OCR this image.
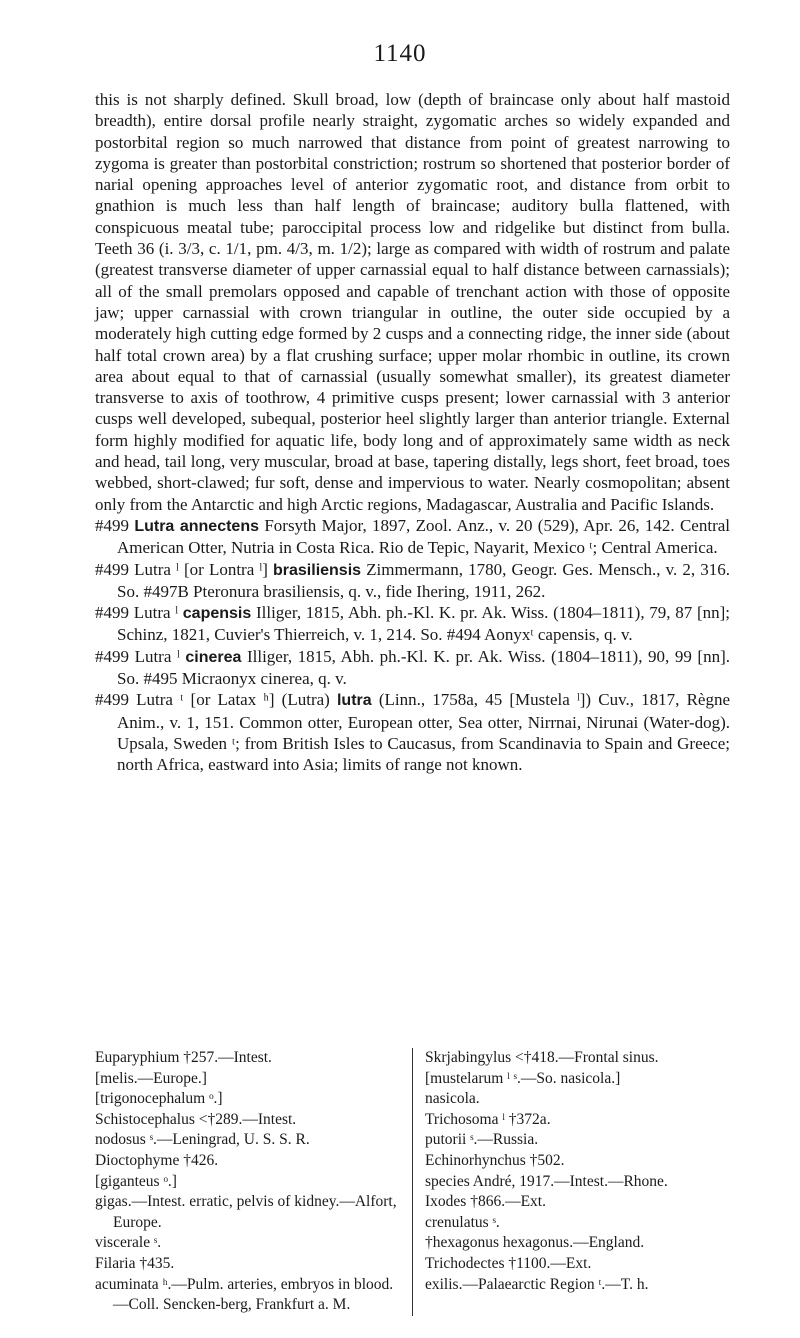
1140

this is not sharply defined. Skull broad, low (depth of braincase only about half mastoid breadth), entire dorsal profile nearly straight, zygomatic arches so widely expanded and postorbital region so much narrowed that distance from point of greatest narrowing to zygoma is greater than postorbital constriction; rostrum so shortened that posterior border of narial opening approaches level of anterior zygomatic root, and distance from orbit to gnathion is much less than half length of braincase; auditory bulla flattened, with conspicuous meatal tube; paroccipital process low and ridgelike but distinct from bulla. Teeth 36 (i. 3/3, c. 1/1, pm. 4/3, m. 1/2); large as compared with width of rostrum and palate (greatest transverse diameter of upper carnassial equal to half distance between carnassials); all of the small premolars opposed and capable of trenchant action with those of opposite jaw; upper carnassial with crown triangular in outline, the outer side occupied by a moderately high cutting edge formed by 2 cusps and a connecting ridge, the inner side (about half total crown area) by a flat crushing surface; upper molar rhombic in outline, its crown area about equal to that of carnassial (usually somewhat smaller), its greatest diameter transverse to axis of toothrow, 4 primitive cusps present; lower carnassial with 3 anterior cusps well developed, subequal, posterior heel slightly larger than anterior triangle. External form highly modified for aquatic life, body long and of approximately same width as neck and head, tail long, very muscular, broad at base, tapering distally, legs short, feet broad, toes webbed, short-clawed; fur soft, dense and impervious to water. Nearly cosmopolitan; absent only from the Antarctic and high Arctic regions, Madagascar, Australia and Pacific Islands.

#499 Lutra annectens Forsyth Major, 1897, Zool. Anz., v. 20 (529), Apr. 26, 142. Central American Otter, Nutria in Costa Rica. Rio de Tepic, Nayarit, Mexico ᵗ; Central America.

#499 Lutra ˡ [or Lontra ˡ] brasiliensis Zimmermann, 1780, Geogr. Ges. Mensch., v. 2, 316. So. #497B Pteronura brasiliensis, q. v., fide Ihering, 1911, 262.

#499 Lutra ˡ capensis Illiger, 1815, Abh. ph.-Kl. K. pr. Ak. Wiss. (1804–1811), 79, 87 [nn]; Schinz, 1821, Cuvier's Thierreich, v. 1, 214. So. #494 Aonyxᵗ capensis, q. v.

#499 Lutra ˡ cinerea Illiger, 1815, Abh. ph.-Kl. K. pr. Ak. Wiss. (1804–1811), 90, 99 [nn]. So. #495 Micraonyx cinerea, q. v.

#499 Lutra ᵗ [or Latax ʰ] (Lutra) lutra (Linn., 1758a, 45 [Mustela ˡ]) Cuv., 1817, Règne Anim., v. 1, 151. Common otter, European otter, Sea otter, Nirrnai, Nirunai (Water-dog). Upsala, Sweden ᵗ; from British Isles to Caucasus, from Scandinavia to Spain and Greece; north Africa, eastward into Asia; limits of range not known.

Euparyphium †257.—Intest.

[melis.—Europe.]

[trigonocephalum ᵒ.]

Schistocephalus <†289.—Intest.

nodosus ˢ.—Leningrad, U. S. S. R.

Dioctophyme †426.

[giganteus ᵒ.]

gigas.—Intest. erratic, pelvis of kidney.—Alfort, Europe.

viscerale ˢ.

Filaria †435.

acuminata ʰ.—Pulm. arteries, embryos in blood.—Coll. Sencken-berg, Frankfurt a. M.

Skrjabingylus <†418.—Frontal sinus.

[mustelarum ˡ ˢ.—So. nasicola.]

nasicola.

Trichosoma ˡ †372a.

putorii ˢ.—Russia.

Echinorhynchus †502.

species André, 1917.—Intest.—Rhone.

Ixodes †866.—Ext.

crenulatus ˢ.

†hexagonus hexagonus.—England.

Trichodectes †1100.—Ext.

exilis.—Palaearctic Region ᵗ.—T. h.
